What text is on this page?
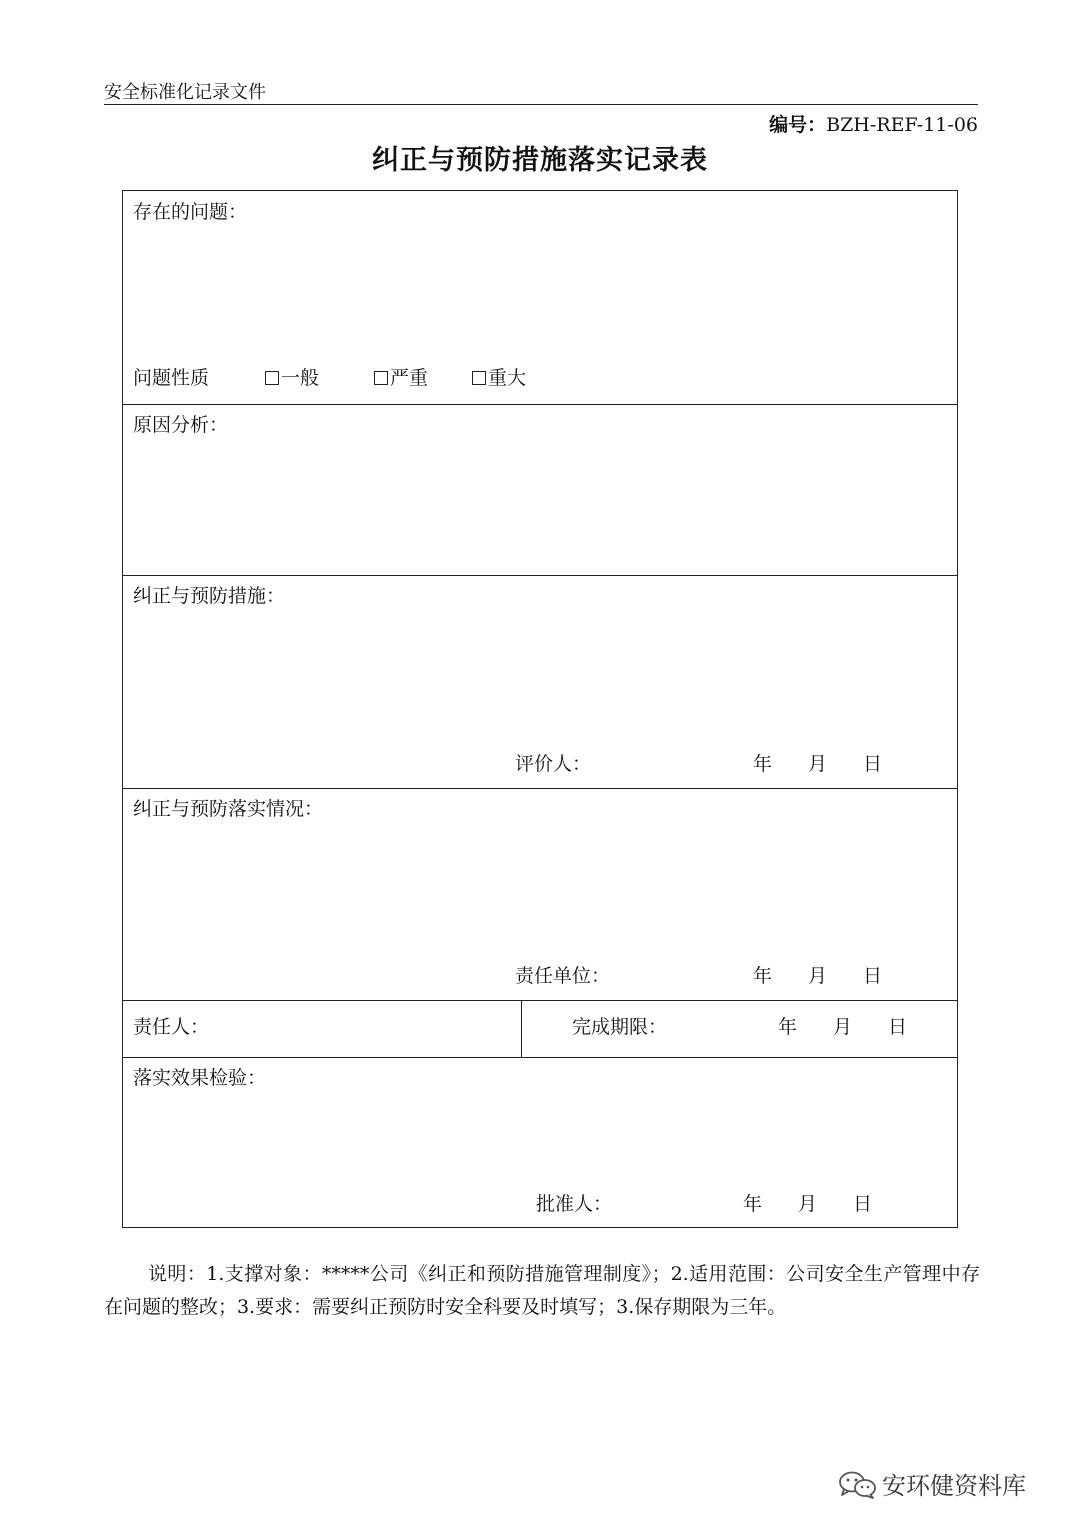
安全标准化记录文件
编号：BZH-REF-11-06
纠正与预防措施落实记录表
存在的问题：
问题性质	一般	严重	重大
原因分析：
纠正与预防措施：
评价人：	年 月 日
纠正与预防落实情况：
责任单位：	年 月 日
责任人：	完成期限：	年 月 日
落实效果检验：
批准人：	年 月 日
说明：1.支撑对象：*****公司《纠正和预防措施管理制度》；2.适用范围：公司安全生产管理中存在问题的整改；3.要求：需要纠正预防时安全科要及时填写；3.保存期限为三年。
安环健资料库
